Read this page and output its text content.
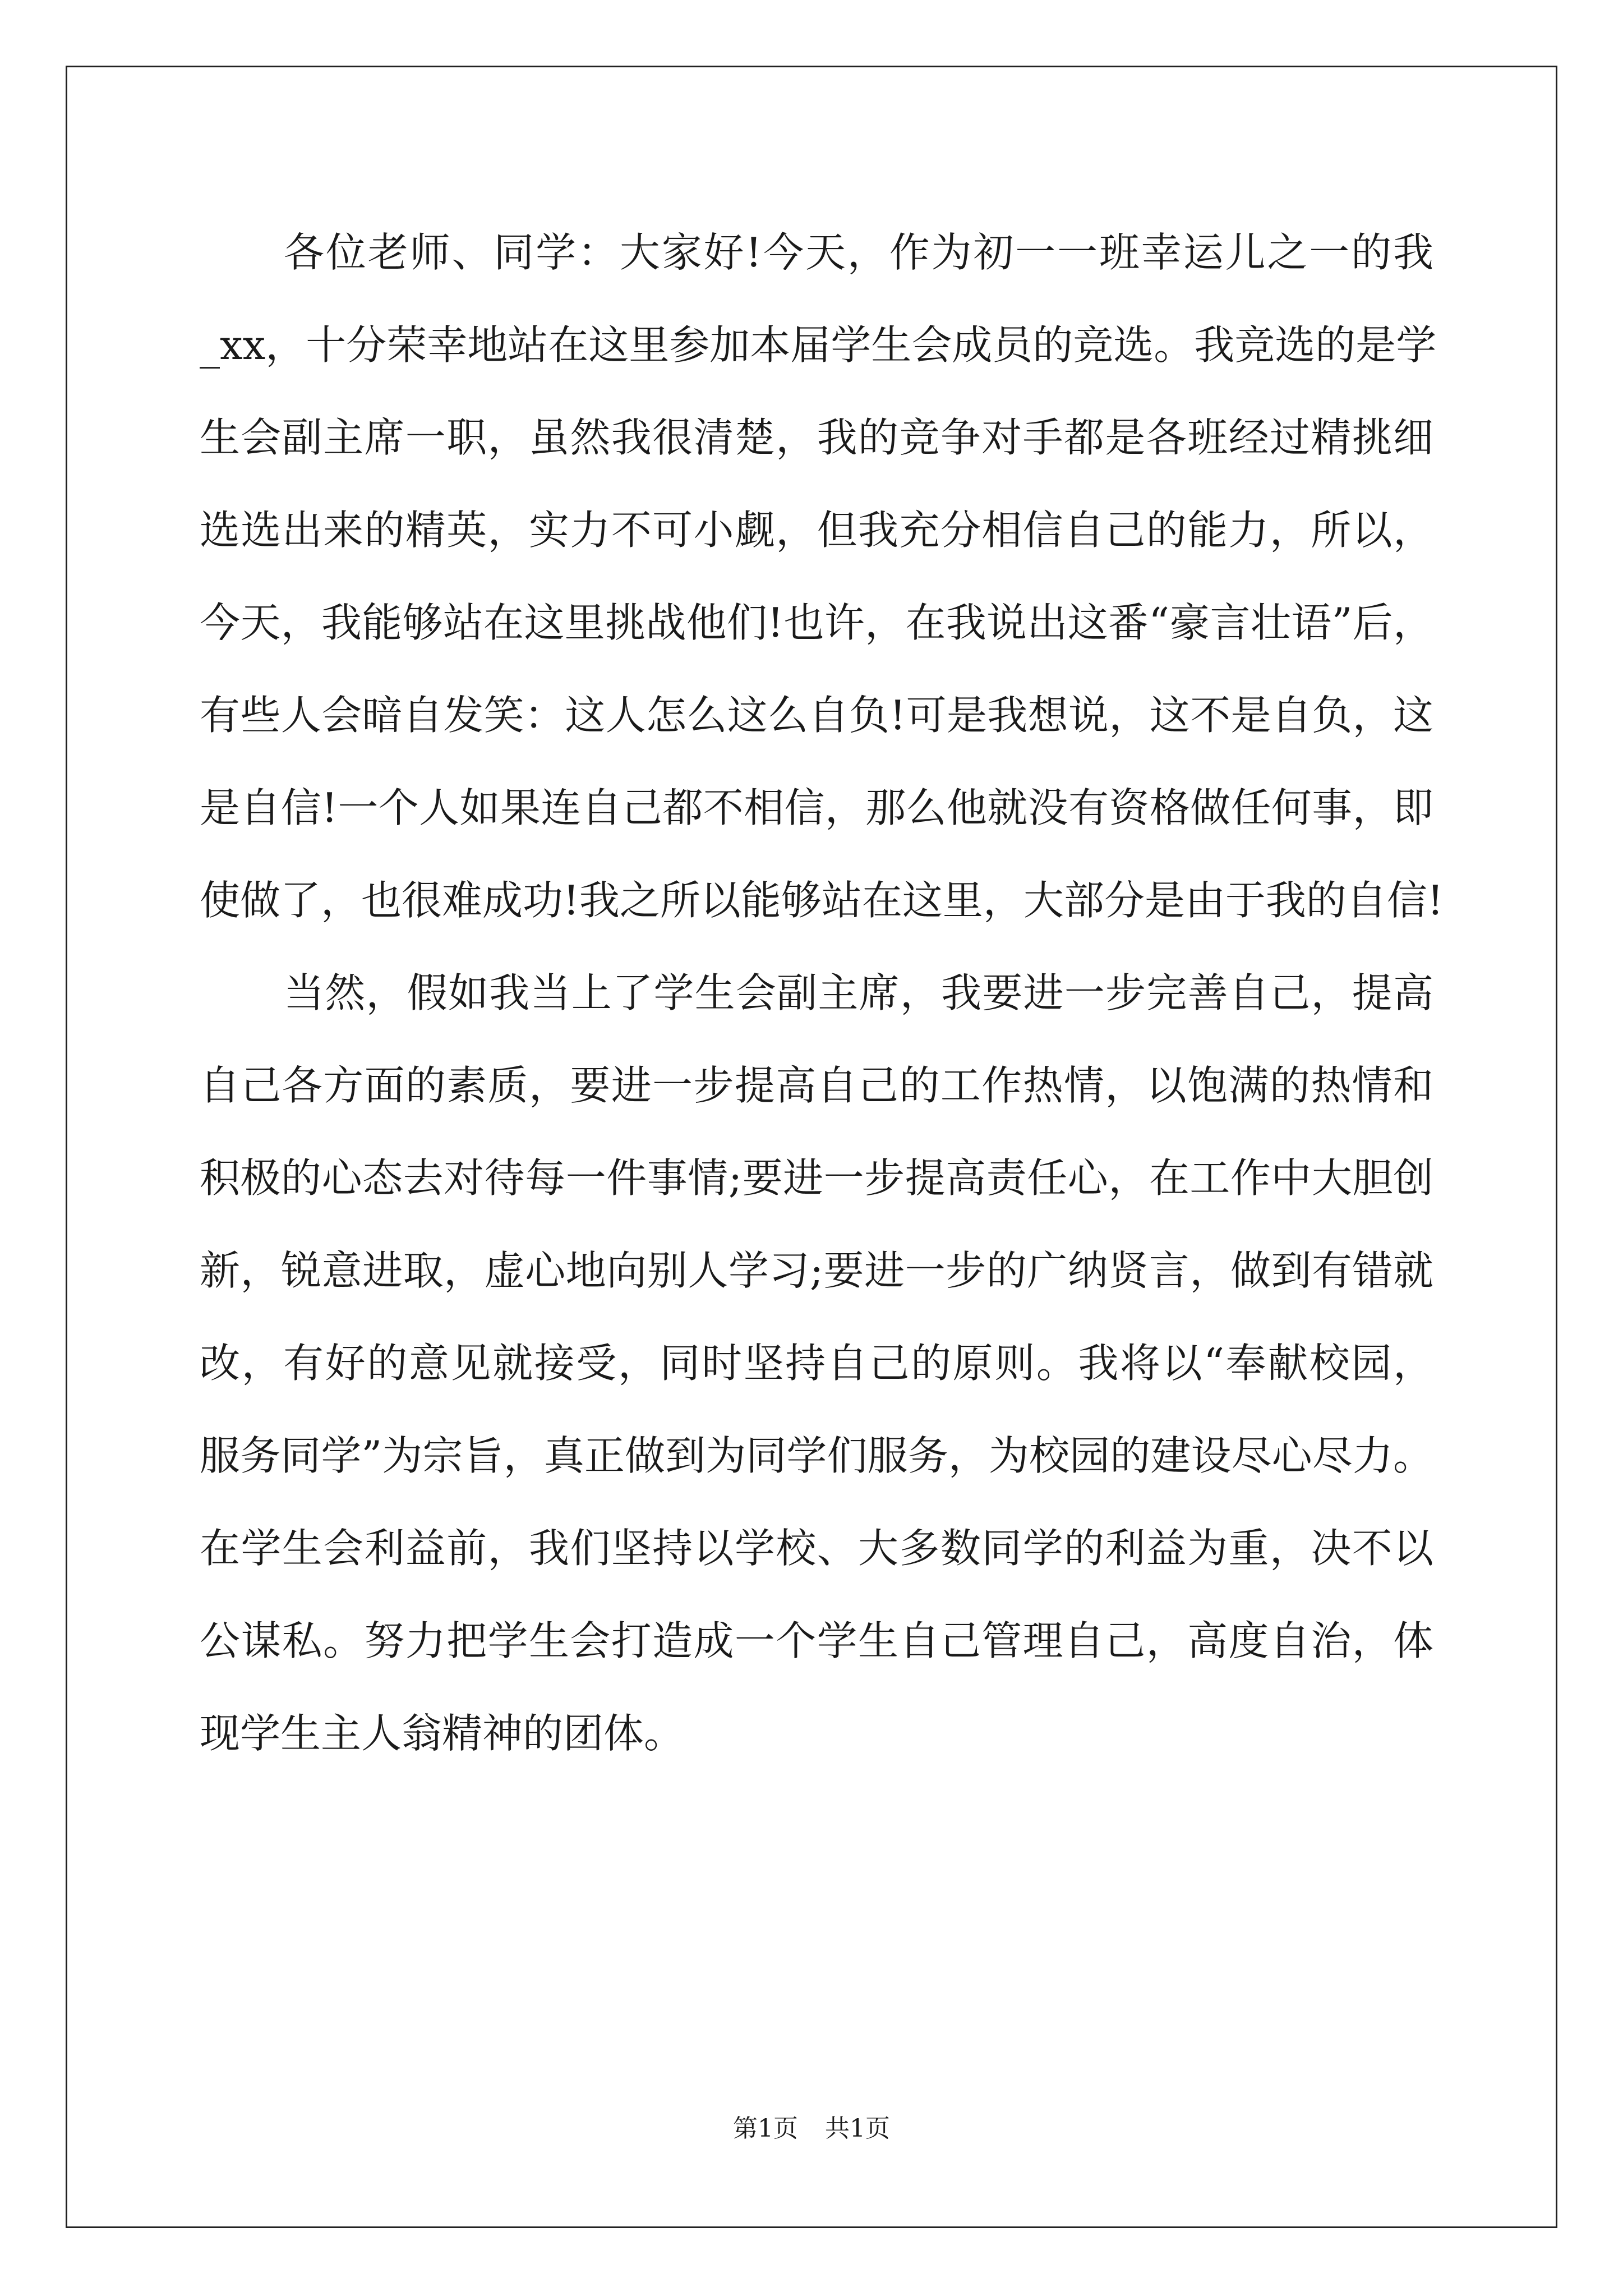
各位老师、同学：大家好!今天，作为初一一班幸运儿之一的我
_xx，十分荣幸地站在这里参加本届学生会成员的竞选。我竞选的是学
生会副主席一职，虽然我很清楚，我的竞争对手都是各班经过精挑细
选选出来的精英，实力不可小觑，但我充分相信自己的能力，所以，
今天，我能够站在这里挑战他们!也许，在我说出这番“豪言壮语”后，
有些人会暗自发笑：这人怎么这么自负!可是我想说，这不是自负，这
是自信!一个人如果连自己都不相信，那么他就没有资格做任何事，即
使做了，也很难成功!我之所以能够站在这里，大部分是由于我的自信!
当然，假如我当上了学生会副主席，我要进一步完善自己，提高
自己各方面的素质，要进一步提高自己的工作热情，以饱满的热情和
积极的心态去对待每一件事情;要进一步提高责任心，在工作中大胆创
新，锐意进取，虚心地向别人学习;要进一步的广纳贤言，做到有错就
改，有好的意见就接受，同时坚持自己的原则。我将以“奉献校园，
服务同学”为宗旨，真正做到为同学们服务，为校园的建设尽心尽力。
在学生会利益前，我们坚持以学校、大多数同学的利益为重，决不以
公谋私。努力把学生会打造成一个学生自己管理自己，高度自治，体
现学生主人翁精神的团体。
第1页 共1页
